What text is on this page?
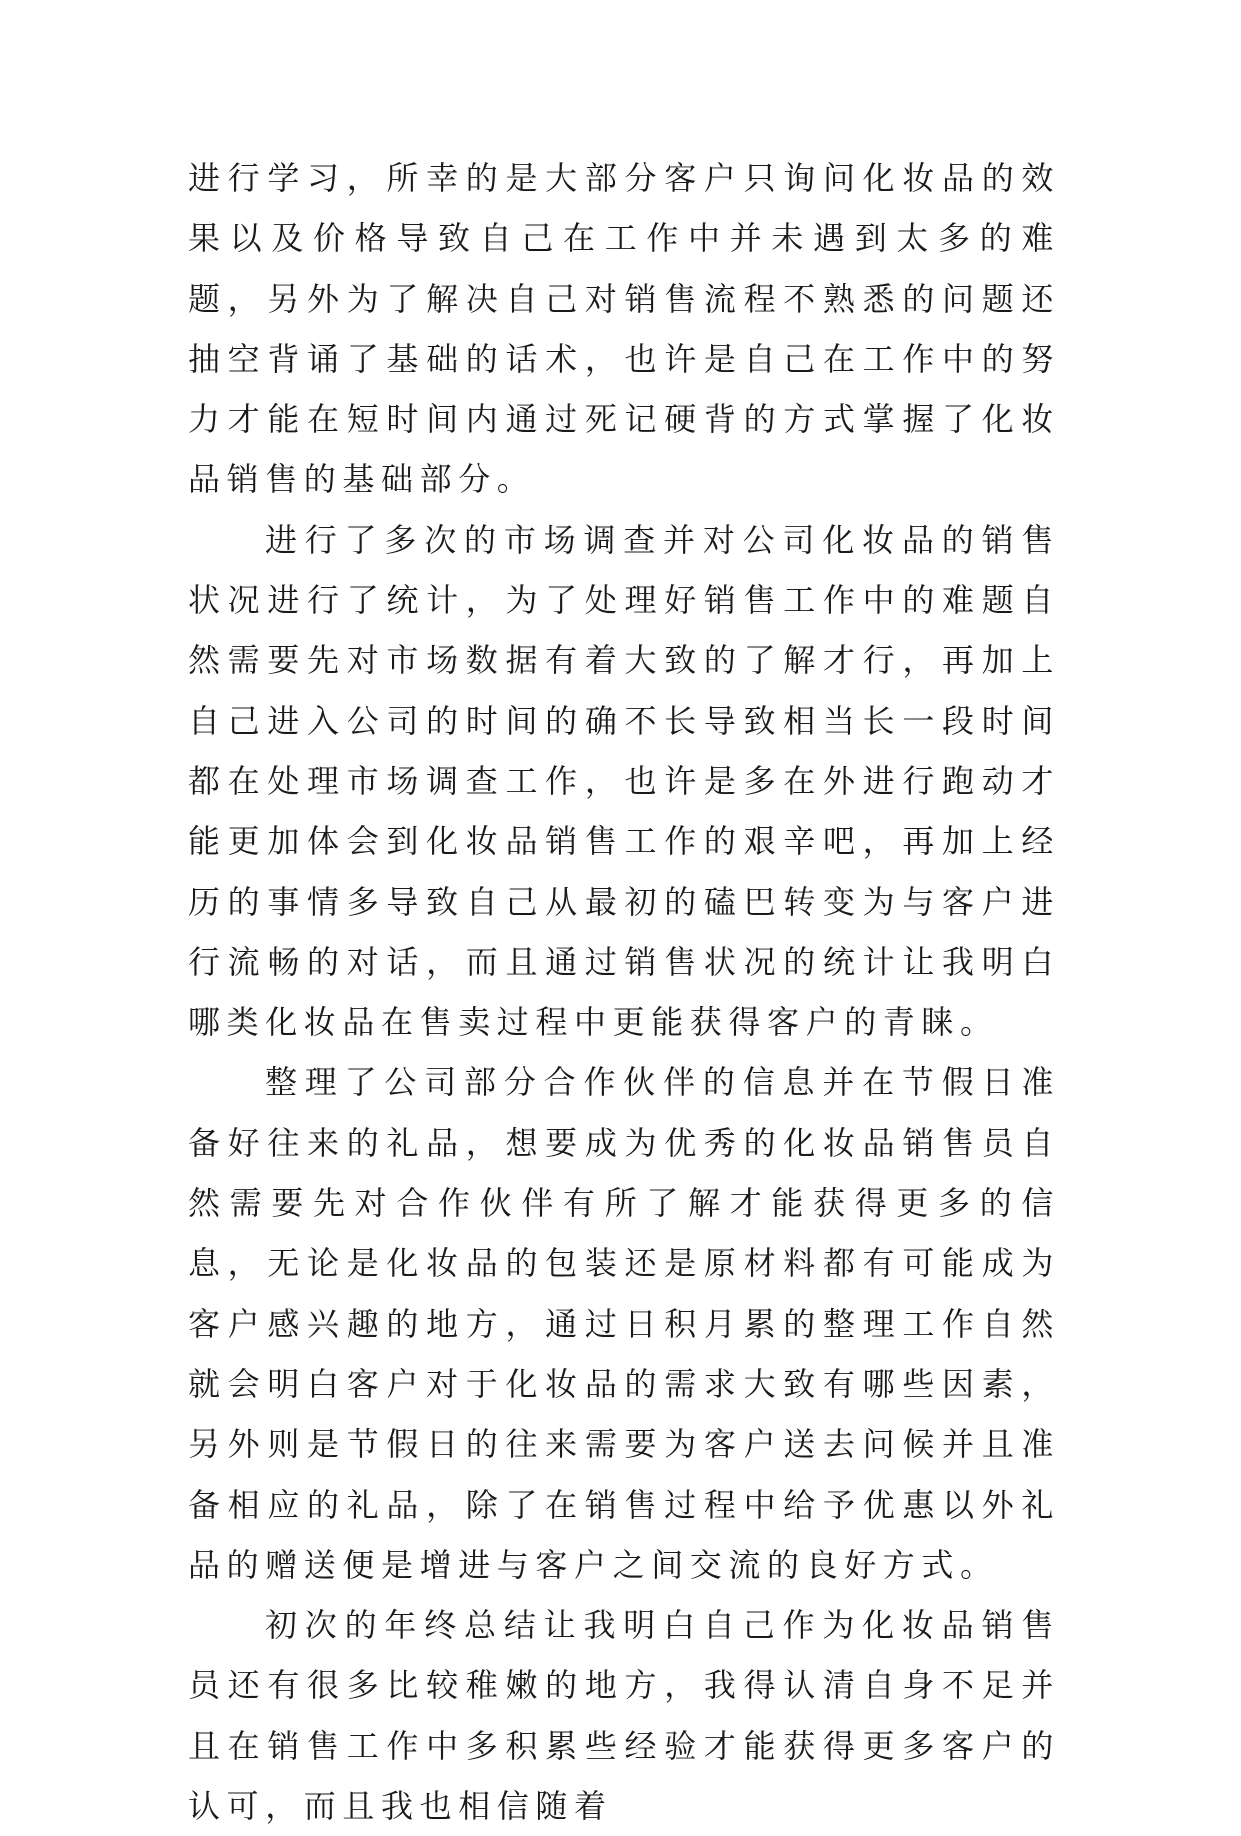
进行学习，所幸的是大部分客户只询问化妆品的效果以及价格导致自己在工作中并未遇到太多的难题，另外为了解决自己对销售流程不熟悉的问题还抽空背诵了基础的话术，也许是自己在工作中的努力才能在短时间内通过死记硬背的方式掌握了化妆品销售的基础部分。

进行了多次的市场调查并对公司化妆品的销售状况进行了统计，为了处理好销售工作中的难题自然需要先对市场数据有着大致的了解才行，再加上自己进入公司的时间的确不长导致相当长一段时间都在处理市场调查工作，也许是多在外进行跑动才能更加体会到化妆品销售工作的艰辛吧，再加上经历的事情多导致自己从最初的磕巴转变为与客户进行流畅的对话，而且通过销售状况的统计让我明白哪类化妆品在售卖过程中更能获得客户的青睐。

整理了公司部分合作伙伴的信息并在节假日准备好往来的礼品，想要成为优秀的化妆品销售员自然需要先对合作伙伴有所了解才能获得更多的信息，无论是化妆品的包装还是原材料都有可能成为客户感兴趣的地方，通过日积月累的整理工作自然就会明白客户对于化妆品的需求大致有哪些因素，另外则是节假日的往来需要为客户送去问候并且准备相应的礼品，除了在销售过程中给予优惠以外礼品的赠送便是增进与客户之间交流的良好方式。

初次的年终总结让我明白自己作为化妆品销售员还有很多比较稚嫩的地方，我得认清自身不足并且在销售工作中多积累些经验才能获得更多客户的认可，而且我也相信随着
